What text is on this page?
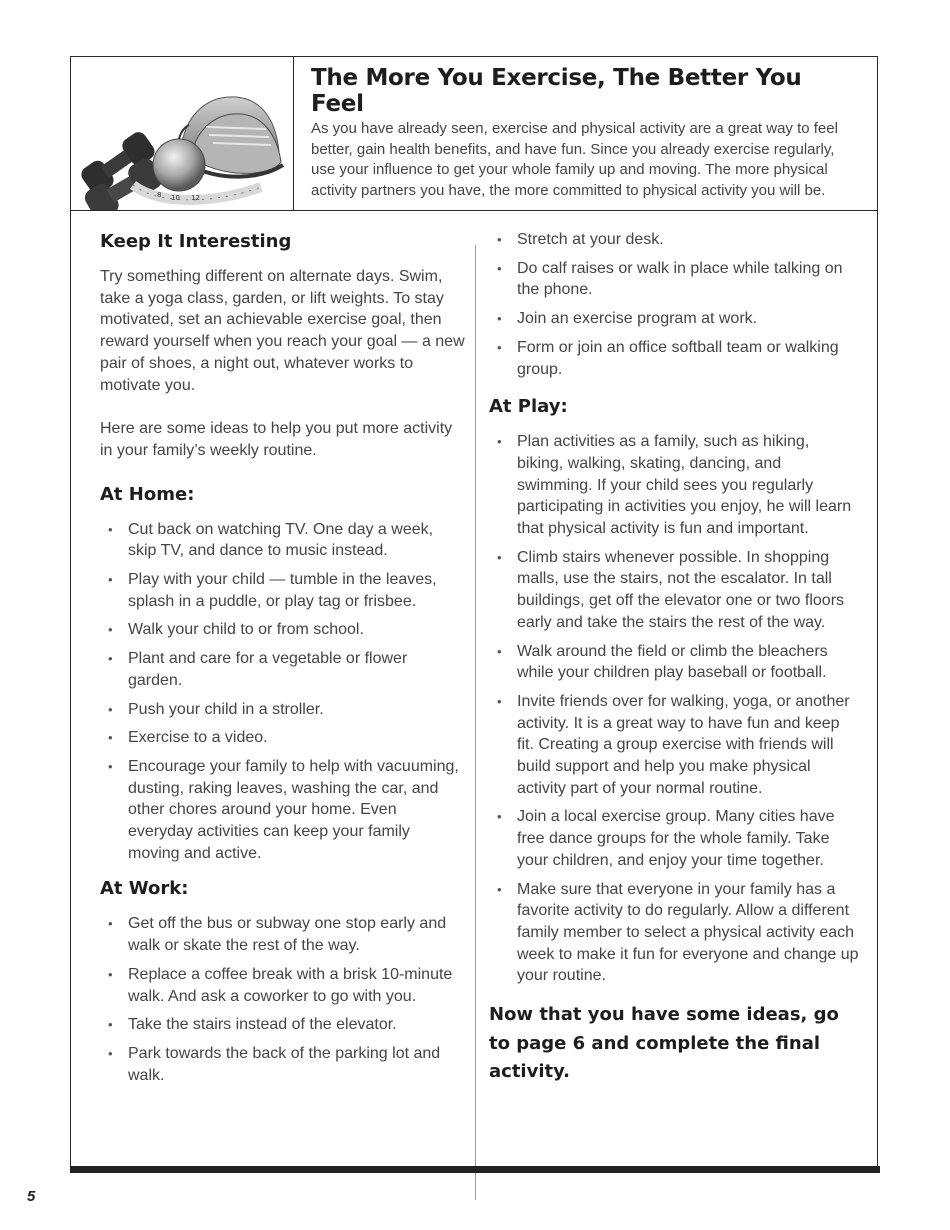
8 10 12
The More You Exercise, The Better You Feel

As you have already seen, exercise and physical activity are a great way to feel better, gain health benefits, and have fun. Since you already exercise regularly, use your influence to get your whole family up and moving. The more physical activity partners you have, the more committed to physical activity you will be.

Keep It Interesting

Try something different on alternate days. Swim, take a yoga class, garden, or lift weights. To stay motivated, set an achievable exercise goal, then reward yourself when you reach your goal — a new pair of shoes, a night out, whatever works to motivate you.

Here are some ideas to help you put more activity in your family’s weekly routine.

At Home:
• Cut back on watching TV. One day a week, skip TV, and dance to music instead.
• Play with your child — tumble in the leaves, splash in a puddle, or play tag or frisbee.
• Walk your child to or from school.
• Plant and care for a vegetable or flower garden.
• Push your child in a stroller.
• Exercise to a video.
• Encourage your family to help with vacuuming, dusting, raking leaves, washing the car, and other chores around your home. Even everyday activities can keep your family moving and active.
At Work:
• Get off the bus or subway one stop early and walk or skate the rest of the way.
• Replace a coffee break with a brisk 10-minute walk. And ask a coworker to go with you.
• Take the stairs instead of the elevator.
• Park towards the back of the parking lot and walk.
• Stretch at your desk.
• Do calf raises or walk in place while talking on the phone.
• Join an exercise program at work.
• Form or join an office softball team or walking group.
At Play:
• Plan activities as a family, such as hiking, biking, walking, skating, dancing, and swimming. If your child sees you regularly participating in activities you enjoy, he will learn that physical activity is fun and important.
• Climb stairs whenever possible. In shopping malls, use the stairs, not the escalator. In tall buildings, get off the elevator one or two floors early and take the stairs the rest of the way.
• Walk around the field or climb the bleachers while your children play baseball or football.
• Invite friends over for walking, yoga, or another activity. It is a great way to have fun and keep fit. Creating a group exercise with friends will build support and help you make physical activity part of your normal routine.
• Join a local exercise group. Many cities have free dance groups for the whole family. Take your children, and enjoy your time together.
• Make sure that everyone in your family has a favorite activity to do regularly. Allow a different family member to select a physical activity each week to make it fun for everyone and change up your routine.

Now that you have some ideas, go to page 6 and complete the final activity.

5
